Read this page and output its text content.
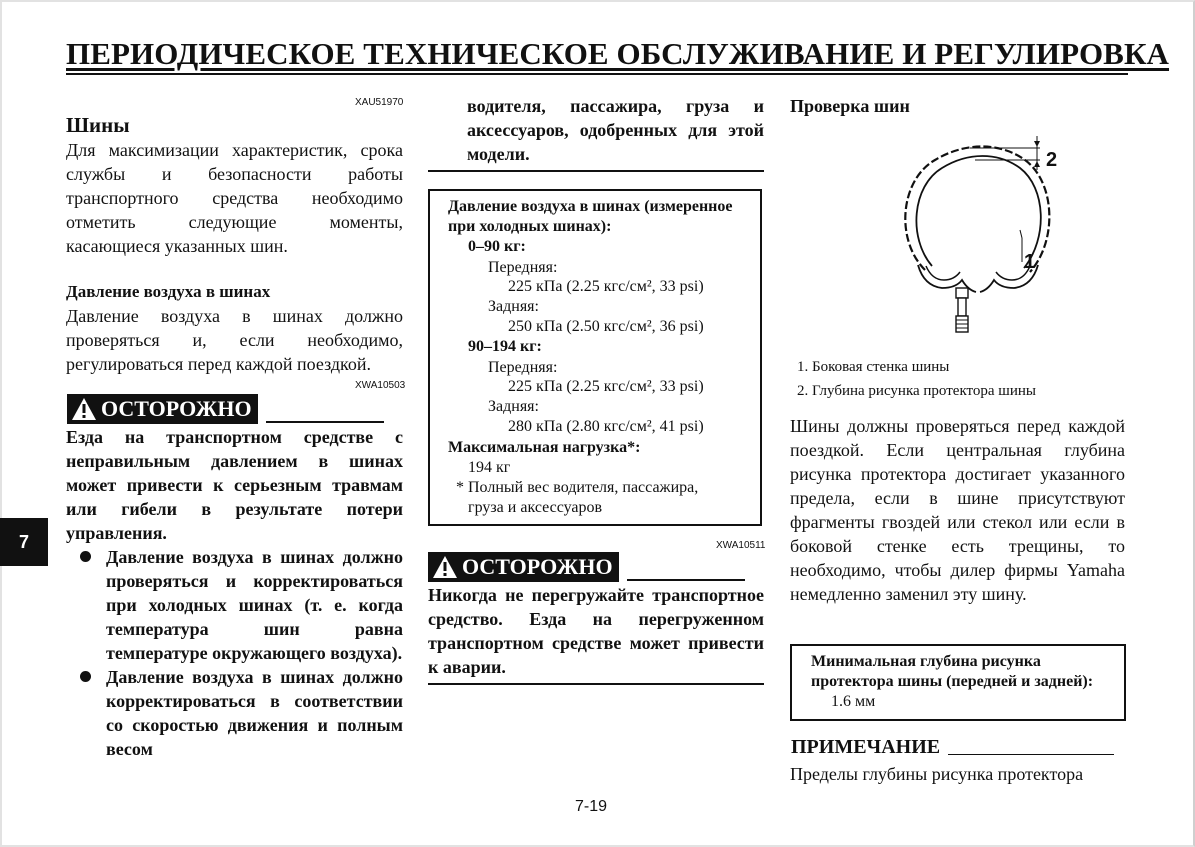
ПЕРИОДИЧЕСКОЕ ТЕХНИЧЕСКОЕ ОБСЛУЖИВАНИЕ И РЕГУЛИРОВКА
7
XAU51970

Шины

Для максимизации характеристик, срока службы и безопасности работы транспортного средства необходимо отметить следующие моменты, касающиеся указанных шин.

Давление воздуха в шинах

Давление воздуха в шинах должно проверяться и, если необходимо, регулироваться перед каждой поездкой.

XWA10503
ОСТОРОЖНО

Езда на транспортном средстве с неправильным давлением в шинах может привести к серьезным травмам или гибели в результате потери управления.

Давление воздуха в шинах должно проверяться и корректироваться при холодных шинах (т. е. когда температура шин равна температуре окружающего воздуха).
Давление воздуха в шинах должно корректироваться в соответствии со скоростью движения и полным весом
водителя, пассажира, груза и аксессуаров, одобренных для этой модели.
Давление воздуха в шинах (измеренное при холодных шинах):
0–90 кг:
Передняя:
225 кПа (2.25 кгс/см², 33 psi)
Задняя:
250 кПа (2.50 кгс/см², 36 psi)
90–194 кг:
Передняя:
225 кПа (2.25 кгс/см², 33 psi)
Задняя:
280 кПа (2.80 кгс/см², 41 psi)
Максимальная нагрузка*:
194 кг
* Полный вес водителя, пассажира, груза и аксессуаров
XWA10511
ОСТОРОЖНО
Никогда не перегружайте транспортное средство. Езда на перегруженном транспортном средстве может привести к аварии.
Проверка шин
2
1
1. Боковая стенка шины
2. Глубина рисунка протектора шины
Шины должны проверяться перед каждой поездкой. Если центральная глубина рисунка протектора достигает указанного предела, если в шине присутствуют фрагменты гвоздей или стекол или если в боковой стенке есть трещины, то необходимо, чтобы дилер фирмы Yamaha немедленно заменил эту шину.
Минимальная глубина рисунка протектора шины (передней и задней):
1.6 мм
ПРИМЕЧАНИЕ
Пределы глубины рисунка протектора
7-19
